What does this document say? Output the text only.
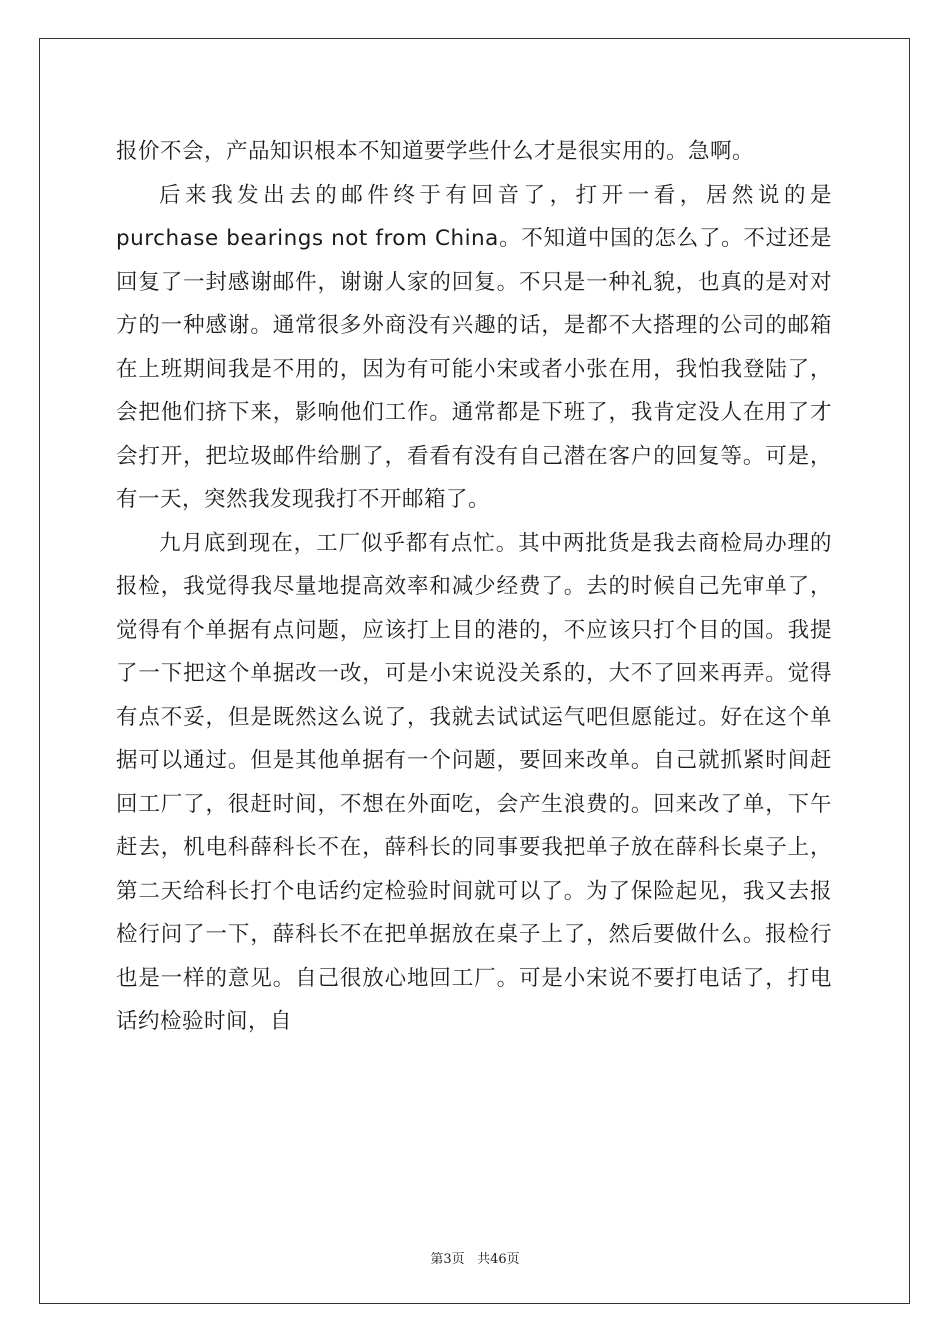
报价不会，产品知识根本不知道要学些什么才是很实用的。急啊。

后来我发出去的邮件终于有回音了，打开一看，居然说的是purchase bearings not from China。不知道中国的怎么了。不过还是回复了一封感谢邮件，谢谢人家的回复。不只是一种礼貌，也真的是对对方的一种感谢。通常很多外商没有兴趣的话，是都不大搭理的公司的邮箱在上班期间我是不用的，因为有可能小宋或者小张在用，我怕我登陆了，会把他们挤下来，影响他们工作。通常都是下班了，我肯定没人在用了才会打开，把垃圾邮件给删了，看看有没有自己潜在客户的回复等。可是，有一天，突然我发现我打不开邮箱了。

九月底到现在，工厂似乎都有点忙。其中两批货是我去商检局办理的报检，我觉得我尽量地提高效率和减少经费了。去的时候自己先审单了，觉得有个单据有点问题，应该打上目的港的，不应该只打个目的国。我提了一下把这个单据改一改，可是小宋说没关系的，大不了回来再弄。觉得有点不妥，但是既然这么说了，我就去试试运气吧但愿能过。好在这个单据可以通过。但是其他单据有一个问题，要回来改单。自己就抓紧时间赶回工厂了，很赶时间，不想在外面吃，会产生浪费的。回来改了单，下午赶去，机电科薛科长不在，薛科长的同事要我把单子放在薛科长桌子上，第二天给科长打个电话约定检验时间就可以了。为了保险起见，我又去报检行问了一下，薛科长不在把单据放在桌子上了，然后要做什么。报检行也是一样的意见。自己很放心地回工厂。可是小宋说不要打电话了，打电话约检验时间，自

第3页 共46页
